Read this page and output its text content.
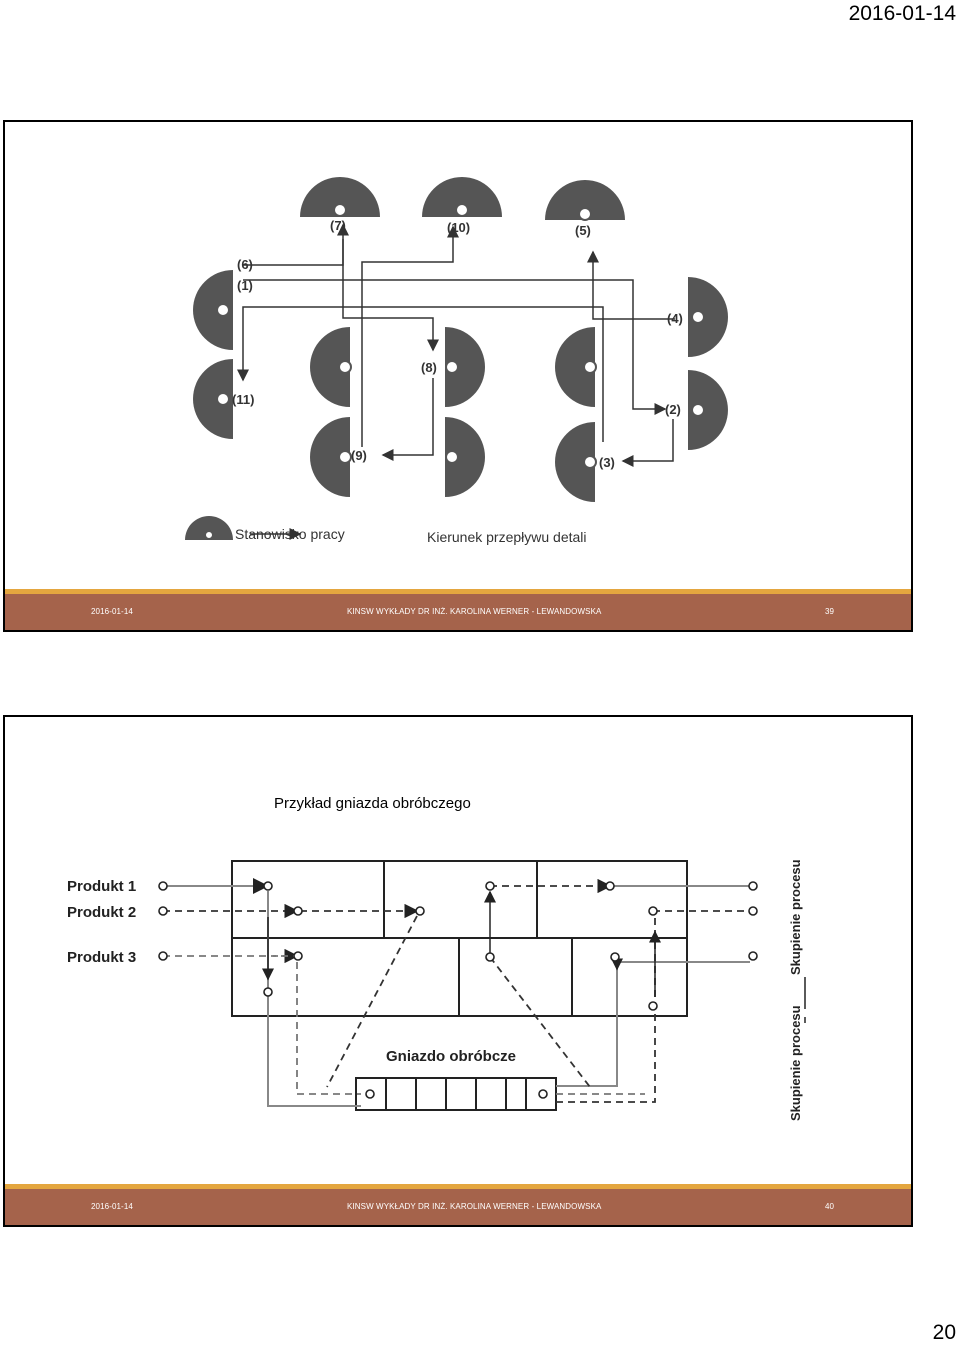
2016-01-14
(7)	(10)	(5)
(6)
(1)
(4)
(8)
(11)
(2)
(9)	(3)
Stanowisko pracy	Kierunek przepływu detali
2016-01-14	KINSW WYKŁADY DR INŻ. KAROLINA WERNER - LEWANDOWSKA	39
Przykład gniazda obróbczego
Produkt 1
Produkt 2
Produkt 3
Gniazdo obróbcze
Skupienie procesu
Skupienie procesu
2016-01-14	KINSW WYKŁADY DR INŻ. KAROLINA WERNER - LEWANDOWSKA	40
20
